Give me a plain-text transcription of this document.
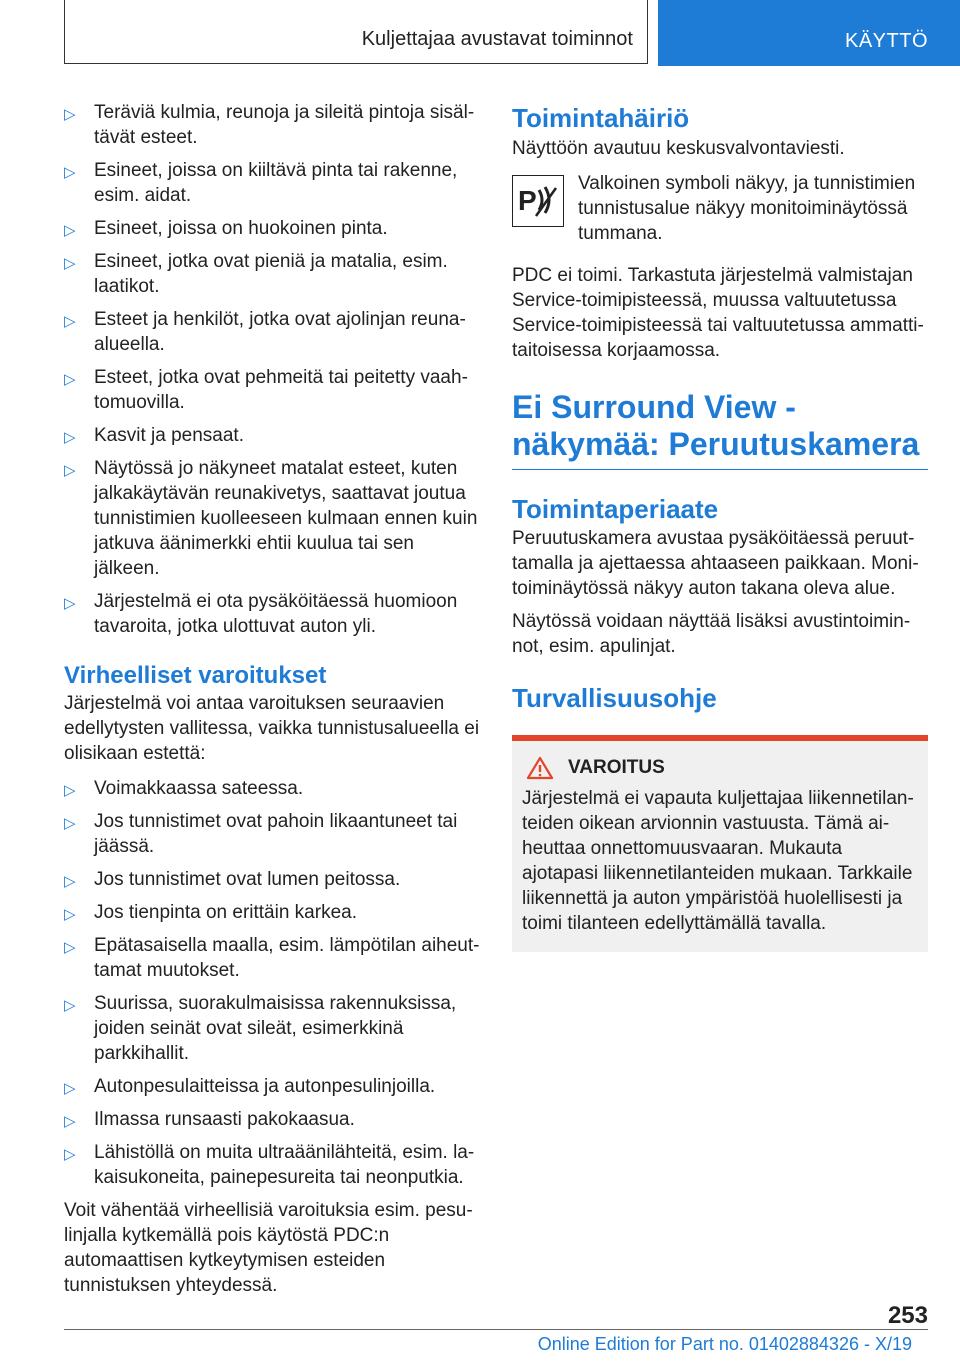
Kuljettajaa avustavat toiminnot	KÄYTTÖ
▷ Teräviä kulmia, reunoja ja sileitä pintoja sisältävät esteet.
▷ Esineet, joissa on kiiltävä pinta tai rakenne, esim. aidat.
▷ Esineet, joissa on huokoinen pinta.
▷ Esineet, jotka ovat pieniä ja matalia, esim. laatikot.
▷ Esteet ja henkilöt, jotka ovat ajolinjan reunaalueella.
▷ Esteet, jotka ovat pehmeitä tai peitetty vaahtomuovilla.
▷ Kasvit ja pensaat.
▷ Näytössä jo näkyneet matalat esteet, kuten jalkakäytävän reunakivetys, saattavat joutua tunnistimien kuolleeseen kulmaan ennen kuin jatkuva äänimerkki ehtii kuulua tai sen jälkeen.
▷ Järjestelmä ei ota pysäköitäessä huomioon tavaroita, jotka ulottuvat auton yli.
Virheelliset varoitukset

Järjestelmä voi antaa varoituksen seuraavien edellytysten vallitessa, vaikka tunnistusalueella ei olisikaan estettä:

▷ Voimakkaassa sateessa.
▷ Jos tunnistimet ovat pahoin likaantuneet tai jäässä.
▷ Jos tunnistimet ovat lumen peitossa.
▷ Jos tienpinta on erittäin karkea.
▷ Epätasaisella maalla, esim. lämpötilan aiheuttamat muutokset.
▷ Suurissa, suorakulmaisissa rakennuksissa, joiden seinät ovat sileät, esimerkkinä parkkihallit.
▷ Autonpesulaitteissa ja autonpesulinjoilla.
▷ Ilmassa runsaasti pakokaasua.
▷ Lähistöllä on muita ultraäänilähteitä, esim. lakaisukoneita, painepesureita tai neonputkia.

Voit vähentää virheellisiä varoituksia esim. pesulinjalla kytkemällä pois käytöstä PDC:n automaattisen kytkeytymisen esteiden tunnistuksen yhteydessä.

Toimintahäiriö

Näyttöön avautuu keskusvalvontaviesti.

P

Valkoinen symboli näkyy, ja tunnistimien tunnistusalue näkyy monitoiminäytössä tummana.

PDC ei toimi. Tarkastuta järjestelmä valmistajan Service-toimipisteessä, muussa valtuutetussa Service-toimipisteessä tai valtuutetussa ammattitaitoisessa korjaamossa.

Ei Surround View -näkymää: Peruutuskamera
Toimintaperiaate

Peruutuskamera avustaa pysäköitäessä peruuttamalla ja ajettaessa ahtaaseen paikkaan. Monitoiminäytössä näkyy auton takana oleva alue.

Näytössä voidaan näyttää lisäksi avustintoiminnot, esim. apulinjat.

Turvallisuusohje
VAROITUS

Järjestelmä ei vapauta kuljettajaa liikennetilanteiden oikean arvionnin vastuusta. Tämä aiheuttaa onnettomuusvaaran. Mukauta ajotapasi liikennetilanteiden mukaan. Tarkkaile liikennettä ja auton ympäristöä huolellisesti ja toimi tilanteen edellyttämällä tavalla.

253
Online Edition for Part no. 01402884326 - X/19
